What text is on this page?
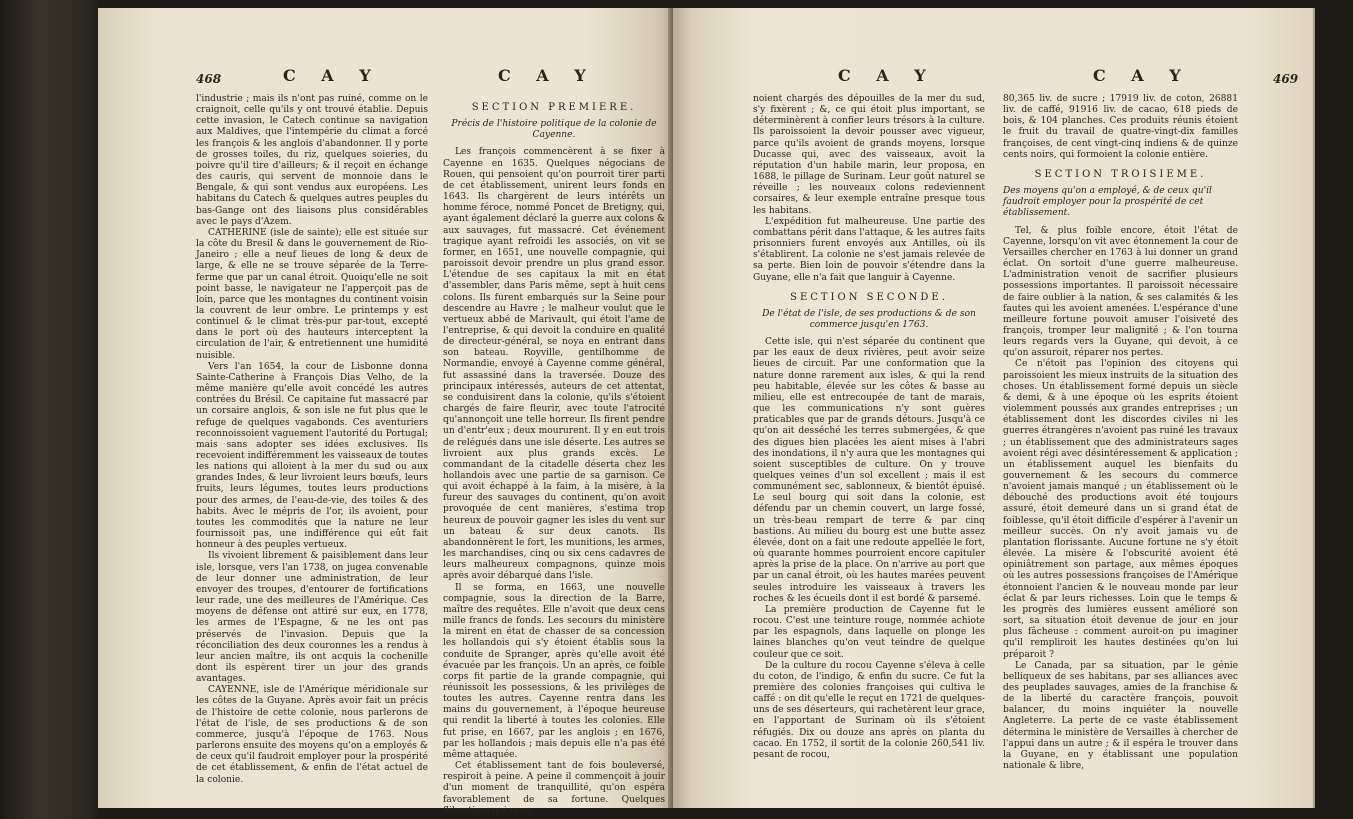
468	C A Y	C A Y

l'industrie ; mais ils n'ont pas ruiné, comme on le craignoit, celle qu'ils y ont trouvé établie. Depuis cette invasion, le Catech continue sa navigation aux Maldives, que l'intempérie du climat a forcé les françois & les anglois d'abandonner. Il y porte de grosses toiles, du riz, quelques soieries, du poivre qu'il tire d'ailleurs; & il reçoit en échange des cauris, qui servent de monnoie dans le Bengale, & qui sont vendus aux européens. Les habitans du Catech & quelques autres peuples du bas-Gange ont des liaisons plus considérables avec le pays d'Azem.

CATHERINE (isle de sainte); elle est située sur la côte du Bresil & dans le gouvernement de Rio-Janeiro ; elle a neuf lieues de long & deux de large, & elle ne se trouve séparée de la Terre-ferme que par un canal étroit. Quoiqu'elle ne soit point basse, le navigateur ne l'apperçoit pas de loin, parce que les montagnes du continent voisin la couvrent de leur ombre. Le printemps y est continuel & le climat très-pur par-tout, excepté dans le port où des hauteurs interceptent la circulation de l'air, & entretiennent une humidité nuisible.

Vers l'an 1654, la cour de Lisbonne donna Sainte-Catherine à François Dias Velho, de la même manière qu'elle avoit concédé les autres contrées du Brésil. Ce capitaine fut massacré par un corsaire anglois, & son isle ne fut plus que le refuge de quelques vagabonds. Ces aventuriers reconnoissoient vaguement l'autorité du Portugal; mais sans adopter ses idées exclusives. Ils recevoient indifféremment les vaisseaux de toutes les nations qui alloient à la mer du sud ou aux grandes Indes, & leur livroient leurs bœufs, leurs fruits, leurs légumes, toutes leurs productions pour des armes, de l'eau-de-vie, des toiles & des habits. Avec le mépris de l'or, ils avoient, pour toutes les commodités que la nature ne leur fournissoit pas, une indifférence qui eût fait honneur à des peuples vertueux.

Ils vivoient librement & paisiblement dans leur isle, lorsque, vers l'an 1738, on jugea convenable de leur donner une administration, de leur envoyer des troupes, d'entourer de fortifications leur rade, une des meilleures de l'Amérique. Ces moyens de défense ont attiré sur eux, en 1778, les armes de l'Espagne, & ne les ont pas préservés de l'invasion. Depuis que la réconciliation des deux couronnes les a rendus à leur ancien maître, ils ont acquis la cochenille dont ils espèrent tirer un jour des grands avantages.

CAYENNE, isle de l'Amérique méridionale sur les côtes de la Guyane. Après avoir fait un précis de l'histoire de cette colonie, nous parlerons de l'état de l'isle, de ses productions & de son commerce, jusqu'à l'époque de 1763. Nous parlerons ensuite des moyens qu'on a employés & de ceux qu'il faudroit employer pour la prospérité de cet établissement, & enfin de l'état actuel de la colonie.

SECTION PREMIERE.

Précis de l'histoire politique de la colonie de Cayenne.

Les françois commencèrent à se fixer à Cayenne en 1635. Quelques négocians de Rouen, qui pensoient qu'on pourroit tirer parti de cet établissement, unirent leurs fonds en 1643. Ils chargèrent de leurs intérêts un homme féroce, nommé Poncet de Bretigny, qui, ayant également déclaré la guerre aux colons & aux sauvages, fut massacré. Cet événement tragique ayant refroidi les associés, on vit se former, en 1651, une nouvelle compagnie, qui paroissoit devoir prendre un plus grand essor. L'étendue de ses capitaux la mit en état d'assembler, dans Paris même, sept à huit cens colons. Ils furent embarqués sur la Seine pour descendre au Havre ; le malheur voulut que le vertueux abbé de Marivault, qui étoit l'ame de l'entreprise, & qui devoit la conduire en qualité de directeur-général, se noya en entrant dans son bateau. Royville, gentilhomme de Normandie, envoyé à Cayenne comme général, fut assassiné dans la traversée. Douze des principaux intéressés, auteurs de cet attentat, se conduisirent dans la colonie, qu'ils s'étoient chargés de faire fleurir, avec toute l'atrocité qu'annonçoit une telle horreur. Ils firent pendre un d'entr'eux ; deux moururent. Il y en eut trois de relégués dans une isle déserte. Les autres se livroient aux plus grands excès. Le commandant de la citadelle déserta chez les hollandois avec une partie de sa garnison. Ce qui avoit échappé à la faim, à la misère, à la fureur des sauvages du continent, qu'on avoit provoquée de cent manières, s'estima trop heureux de pouvoir gagner les isles du vent sur un bateau & sur deux canots. Ils abandonnèrent le fort, les munitions, les armes, les marchandises, cinq ou six cens cadavres de leurs malheureux compagnons, quinze mois après avoir débarqué dans l'isle.

Il se forma, en 1663, une nouvelle compagnie, sous la direction de la Barre, maître des requêtes. Elle n'avoit que deux cens mille francs de fonds. Les secours du ministère la mirent en état de chasser de sa concession les hollandois qui s'y étoient établis sous la conduite de Spranger, après qu'elle avoit été évacuée par les françois. Un an après, ce foible corps fit partie de la grande compagnie, qui réunissoit les possessions, & les privilèges de toutes les autres. Cayenne rentra dans les mains du gouvernement, à l'époque heureuse qui rendit la liberté à toutes les colonies. Elle fut prise, en 1667, par les anglois ; en 1676, par les hollandois ; mais depuis elle n'a pas été même attaquée.

Cet établissement tant de fois bouleversé, respiroit à peine. A peine il commençoit à jouir d'un moment de tranquillité, qu'on espéra favorablement de sa fortune. Quelques flibustiers qui reve-

C A Y	C A Y	469

noient chargés des dépouilles de la mer du sud, s'y fixèrent ; &, ce qui étoit plus important, se déterminèrent à confier leurs trésors à la culture. Ils paroissoient la devoir pousser avec vigueur, parce qu'ils avoient de grands moyens, lorsque Ducasse qui, avec des vaisseaux, avoit la réputation d'un habile marin, leur proposa, en 1688, le pillage de Surinam. Leur goût naturel se réveille ; les nouveaux colons redeviennent corsaires, & leur exemple entraîne presque tous les habitans.

L'expédition fut malheureuse. Une partie des combattans périt dans l'attaque, & les autres faits prisonniers furent envoyés aux Antilles, où ils s'établirent. La colonie ne s'est jamais relevée de sa perte. Bien loin de pouvoir s'étendre dans la Guyane, elle n'a fait que languir à Cayenne.

SECTION SECONDE.

De l'état de l'isle, de ses productions & de son commerce jusqu'en 1763.

Cette isle, qui n'est séparée du continent que par les eaux de deux rivières, peut avoir seize lieues de circuit. Par une conformation que la nature donne rarement aux isles, & qui la rend peu habitable, élevée sur les côtes & basse au milieu, elle est entrecoupée de tant de marais, que les communications n'y sont guères praticables que par de grands détours. Jusqu'à ce qu'on ait desséché les terres submergées, & que des digues bien placées les aient mises à l'abri des inondations, il n'y aura que les montagnes qui soient susceptibles de culture. On y trouve quelques veines d'un sol excellent ; mais il est communément sec, sablonneux, & bientôt épuisé. Le seul bourg qui soit dans la colonie, est défendu par un chemin couvert, un large fossé, un très-beau rempart de terre & par cinq bastions. Au milieu du bourg est une butte assez élevée, dont on a fait une redoute appellée le fort, où quarante hommes pourroient encore capituler après la prise de la place. On n'arrive au port que par un canal étroit, où les hautes marées peuvent seules introduire les vaisseaux à travers les roches & les écueils dont il est bordé & parsemé.

La première production de Cayenne fut le rocou. C'est une teinture rouge, nommée achiote par les espagnols, dans laquelle on plonge les laines blanches qu'on veut teindre de quelque couleur que ce soit.

De la culture du rocou Cayenne s'éleva à celle du coton, de l'indigo, & enfin du sucre. Ce fut la première des colonies françoises qui cultiva le caffé : on dit qu'elle le reçut en 1721 de quelques-uns de ses déserteurs, qui rachetèrent leur grace, en l'apportant de Surinam où ils s'étoient réfugiés. Dix ou douze ans après on planta du cacao. En 1752, il sortit de la colonie 260,541 liv. pesant de rocou,

80,365 liv. de sucre ; 17919 liv. de coton, 26881 liv. de caffé, 91916 liv. de cacao, 618 pieds de bois, & 104 planches. Ces produits réunis étoient le fruit du travail de quatre-vingt-dix familles françoises, de cent vingt-cinq indiens & de quinze cents noirs, qui formoient la colonie entière.

SECTION TROISIEME.

Des moyens qu'on a employé, & de ceux qu'il faudroit employer pour la prospérité de cet établissement.

Tel, & plus foible encore, étoit l'état de Cayenne, lorsqu'on vit avec étonnement la cour de Versailles chercher en 1763 à lui donner un grand éclat. On sortoit d'une guerre malheureuse. L'administration venoit de sacrifier plusieurs possessions importantes. Il paroissoit nécessaire de faire oublier à la nation, & ses calamités & les fautes qui les avoient amenées. L'espérance d'une meilleure fortune pouvoit amuser l'oisiveté des françois, tromper leur malignité ; & l'on tourna leurs regards vers la Guyane, qui devoit, à ce qu'on assuroit, réparer nos pertes.

Ce n'étoit pas l'opinion des citoyens qui paroissoient les mieux instruits de la situation des choses. Un établissement formé depuis un siècle & demi, & à une époque où les esprits étoient violemment poussés aux grandes entreprises ; un établissement dont les discordes civiles ni les guerres étrangères n'avoient pas ruiné les travaux ; un établissement que des administrateurs sages avoient régi avec désintéressement & application ; un établissement auquel les bienfaits du gouvernement & les secours du commerce n'avoient jamais manqué ; un établissement où le débouché des productions avoit été toujours assuré, étoit demeuré dans un si grand état de foiblesse, qu'il étoit difficile d'espérer à l'avenir un meilleur succès. On n'y avoit jamais vu de plantation florissante. Aucune fortune ne s'y étoit élevée. La misère & l'obscurité avoient été opiniâtrement son partage, aux mêmes époques où les autres possessions françoises de l'Amérique étonnoient l'ancien & le nouveau monde par leur éclat & par leurs richesses. Loin que le temps & les progrès des lumières eussent amélioré son sort, sa situation étoit devenue de jour en jour plus fâcheuse : comment auroit-on pu imaginer qu'il rempliroit les hautes destinées qu'on lui préparoit ?

Le Canada, par sa situation, par le génie belliqueux de ses habitans, par ses alliances avec des peuplades sauvages, amies de la franchise & de la liberté du caractère françois, pouvoit balancer, du moins inquiéter la nouvelle Angleterre. La perte de ce vaste établissement détermina le ministère de Versailles à chercher de l'appui dans un autre ; & il espéra le trouver dans la Guyane, en y établissant une population nationale & libre,
